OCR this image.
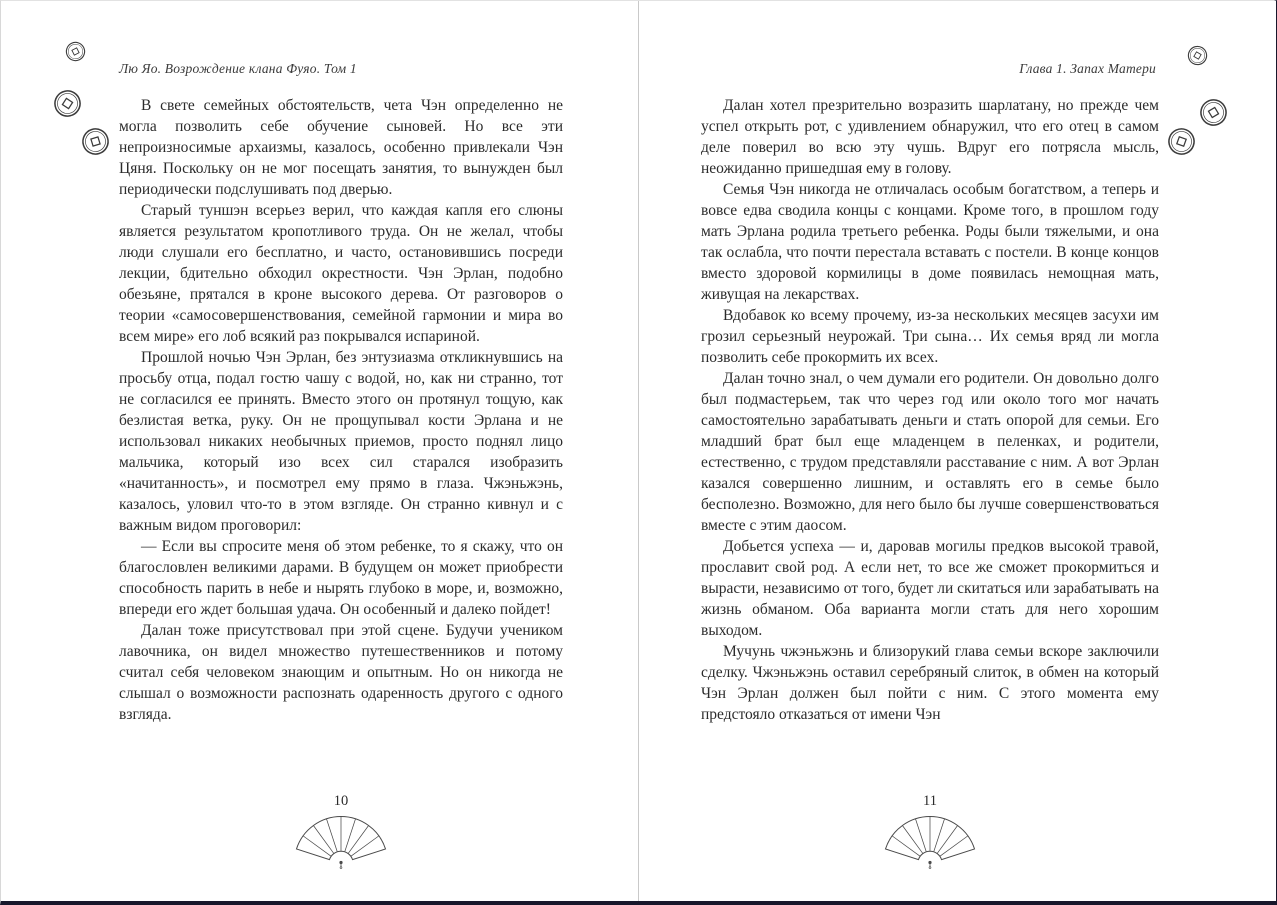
Лю Яо. Возрождение клана Фуяо. Том 1

В свете семейных обстоятельств, чета Чэн определенно не могла позволить себе обучение сыновей. Но все эти непроизносимые архаизмы, казалось, особенно привлекали Чэн Цяня. Поскольку он не мог посещать занятия, то вынужден был периодически подслушивать под дверью.

Старый туншэн всерьез верил, что каждая капля его слюны является результатом кропотливого труда. Он не желал, чтобы люди слушали его бесплатно, и часто, остановившись посреди лекции, бдительно обходил окрестности. Чэн Эрлан, подобно обезьяне, прятался в кроне высокого дерева. От разговоров о теории «самосовершенствования, семейной гармонии и мира во всем мире» его лоб всякий раз покрывался испариной.

Прошлой ночью Чэн Эрлан, без энтузиазма откликнувшись на просьбу отца, подал гостю чашу с водой, но, как ни странно, тот не согласился ее принять. Вместо этого он протянул тощую, как безлистая ветка, руку. Он не прощупывал кости Эрлана и не использовал никаких необычных приемов, просто поднял лицо мальчика, который изо всех сил старался изобразить «начитанность», и посмотрел ему прямо в глаза. Чжэньжэнь, казалось, уловил что-то в этом взгляде. Он странно кивнул и с важным видом проговорил:

— Если вы спросите меня об этом ребенке, то я скажу, что он благословлен великими дарами. В будущем он может приобрести способность парить в небе и нырять глубоко в море, и, возможно, впереди его ждет большая удача. Он особенный и далеко пойдет!

Далан тоже присутствовал при этой сцене. Будучи учеником лавочника, он видел множество путешественников и потому считал себя человеком знающим и опытным. Но он никогда не слышал о возможности распознать одаренность другого с одного взгляда.

10
Глава 1. Запах Матери

Далан хотел презрительно возразить шарлатану, но прежде чем успел открыть рот, с удивлением обнаружил, что его отец в самом деле поверил во всю эту чушь. Вдруг его потрясла мысль, неожиданно пришедшая ему в голову.

Семья Чэн никогда не отличалась особым богатством, а теперь и вовсе едва сводила концы с концами. Кроме того, в прошлом году мать Эрлана родила третьего ребенка. Роды были тяжелыми, и она так ослабла, что почти перестала вставать с постели. В конце концов вместо здоровой кормилицы в доме появилась немощная мать, живущая на лекарствах.

Вдобавок ко всему прочему, из-за нескольких месяцев засухи им грозил серьезный неурожай. Три сына… Их семья вряд ли могла позволить себе прокормить их всех.

Далан точно знал, о чем думали его родители. Он довольно долго был подмастерьем, так что через год или около того мог начать самостоятельно зарабатывать деньги и стать опорой для семьи. Его младший брат был еще младенцем в пеленках, и родители, естественно, с трудом представляли расставание с ним. А вот Эрлан казался совершенно лишним, и оставлять его в семье было бесполезно. Возможно, для него было бы лучше совершенствоваться вместе с этим даосом.

Добьется успеха — и, даровав могилы предков высокой травой, прославит свой род. А если нет, то все же сможет прокормиться и вырасти, независимо от того, будет ли скитаться или зарабатывать на жизнь обманом. Оба варианта могли стать для него хорошим выходом.

Мучунь чжэньжэнь и близорукий глава семьи вскоре заключили сделку. Чжэньжэнь оставил серебряный слиток, в обмен на который Чэн Эрлан должен был пойти с ним. С этого момента ему предстояло отказаться от имени Чэн

11
